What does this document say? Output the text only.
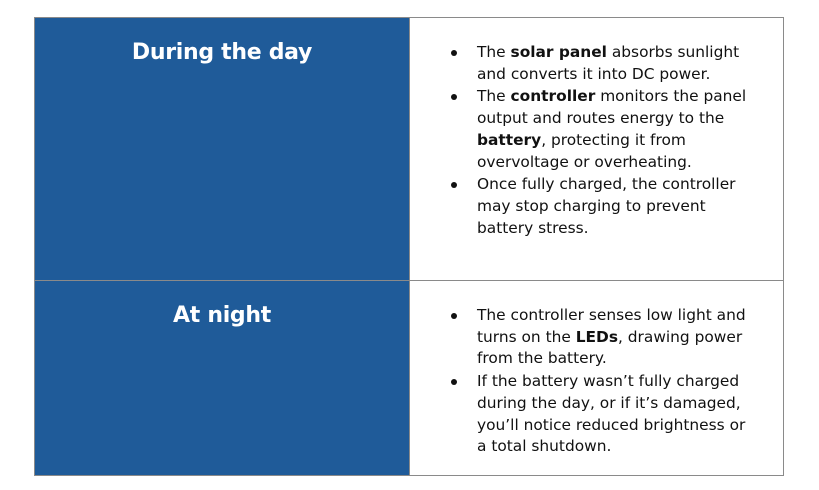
During the day	The solar panel absorbs sunlight and converts it into DC power.
The controller monitors the panel output and routes energy to the battery, protecting it from overvoltage or overheating.
Once fully charged, the controller may stop charging to prevent battery stress.
At night	The controller senses low light and turns on the LEDs, drawing power from the battery.
If the battery wasn’t fully charged during the day, or if it’s damaged, you’ll notice reduced brightness or a total shutdown.
